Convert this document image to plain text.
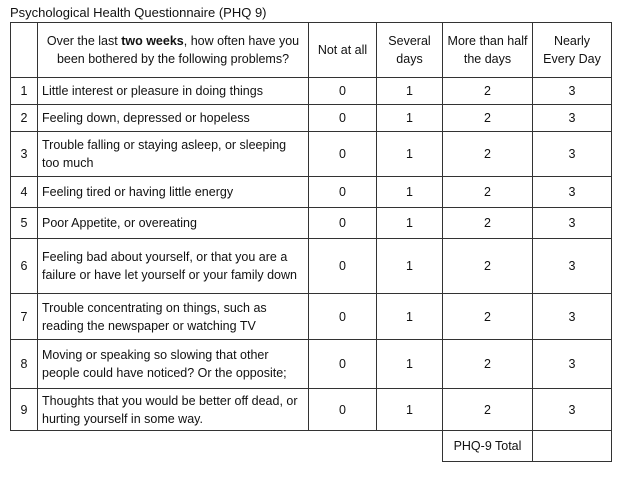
Psychological Health Questionnaire (PHQ 9)
	Over the last two weeks, how often have you been bothered by the following problems?	Not at all	Several days	More than half the days	Nearly Every Day
1	Little interest or pleasure in doing things	0	1	2	3
2	Feeling down, depressed or hopeless	0	1	2	3
3	Trouble falling or staying asleep, or sleeping too much	0	1	2	3
4	Feeling tired or having little energy	0	1	2	3
5	Poor Appetite, or overeating	0	1	2	3
6	Feeling bad about yourself, or that you are a failure or have let yourself or your family down	0	1	2	3
7	Trouble concentrating on things, such as reading the newspaper or watching TV	0	1	2	3
8	Moving or speaking so slowing that other people could have noticed? Or the opposite;	0	1	2	3
9	Thoughts that you would be better off dead, or hurting yourself in some way.	0	1	2	3
				PHQ-9 Total	
